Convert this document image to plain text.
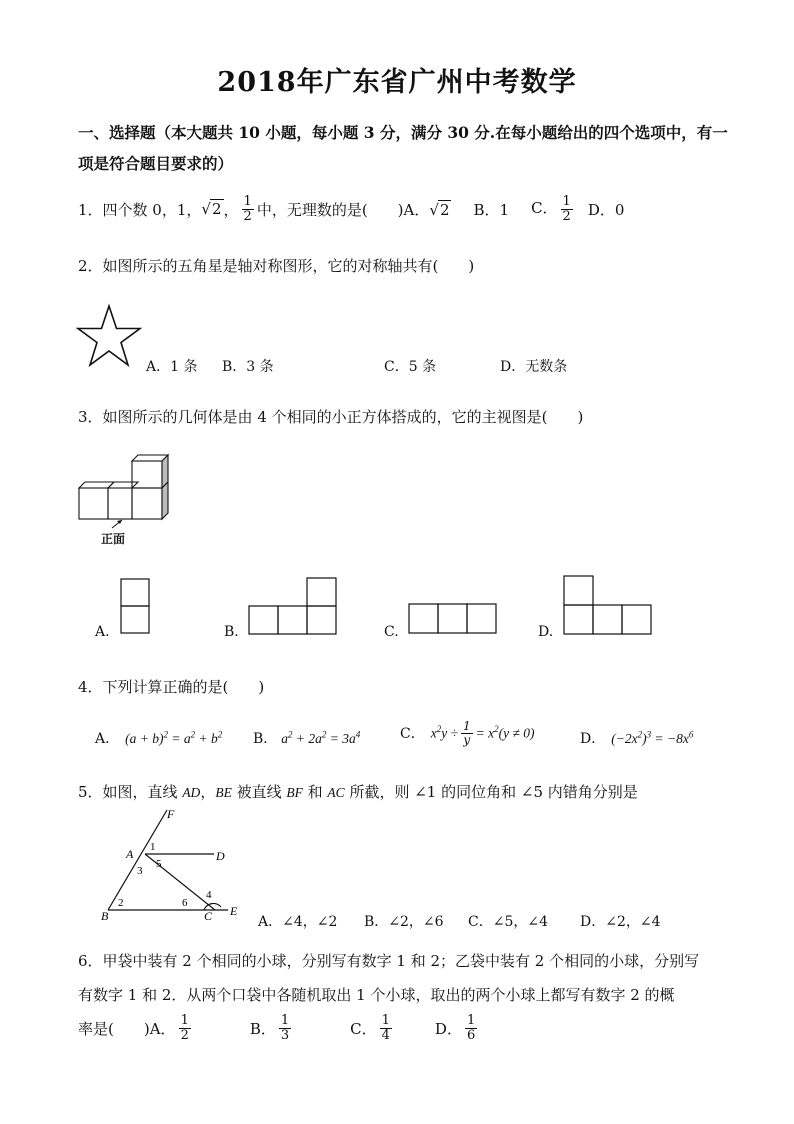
2018年广东省广州中考数学
一、选择题（本大题共 10 小题，每小题 3 分，满分 30 分.在每小题给出的四个选项中，有一项是符合题目要求的）
1．四个数 0，1， √2 ， $\frac{1}{2}$ 中，无理数的是(　　) A．√2 B．1 C． $\frac{1}{2}$ D．0
2．如图所示的五角星是轴对称图形，它的对称轴共有(　　)
A．1 条 B．3 条	C．5 条	D．无数条
3．如图所示的几何体是由 4 个相同的小正方体搭成的，它的主视图是(　　)
正面
A.	B.	C.	D.
4．下列计算正确的是(　　)
A． $(a + b)^2 = a^2 + b^2$ B． $a^2 + 2a^2 = 3a^4$	C． $x^2y \div \frac{1}{y} = x^2(y \ne 0)$	D． $(-2x^2)^3 = -8x^6$
5．如图，直线 AD，BE 被直线 BF 和 AC 所截，则 ∠1 的同位角和 ∠5 内错角分别是
F
A	D
B	C E
1
2
3
4
5
6
A．∠4，∠2 B．∠2，∠6 C．∠5，∠4 D．∠2，∠4
6．甲袋中装有 2 个相同的小球，分别写有数字 1 和 2；乙袋中装有 2 个相同的小球，分别写
有数字 1 和 2．从两个口袋中各随机取出 1 个小球，取出的两个小球上都写有数字 2 的概
率是(　　) A． $\frac{1}{2}$	B． $\frac{1}{3}$	C． $\frac{1}{4}$	D． $\frac{1}{6}$
